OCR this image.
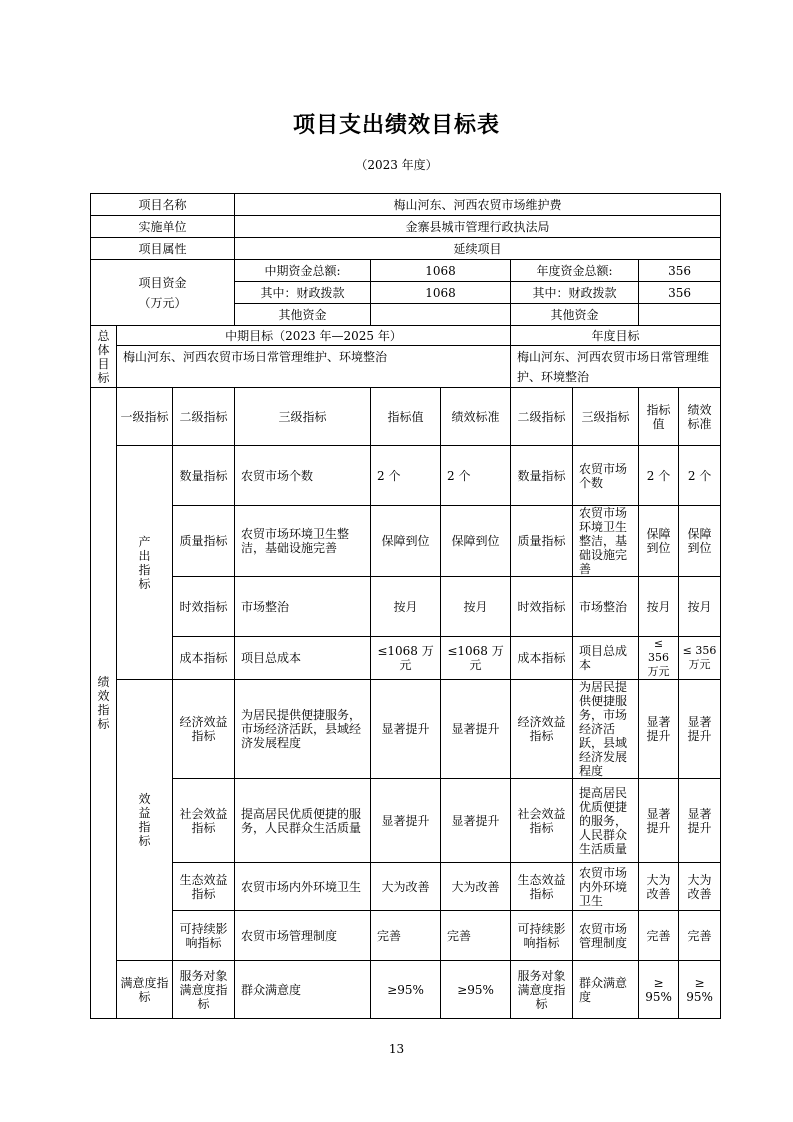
项目支出绩效目标表
（2023 年度）
项目名称			梅山河东、河西农贸市场维护费						
实施单位			金寨县城市管理行政执法局						
项目属性			延续项目						

项目资金
（万元）			中期资金总额:	1068		年度资金总额:		356	
			其中：财政拨款	1068		其中：财政拨款		356	
			其他资金			其他资金			

总体目标	中期目标（2023 年—2025 年）					年度目标			
	梅山河东、河西农贸市场日常管理维护、环境整治					梅山河东、河西农贸市场日常管理维护、环境整治			

绩效指标	一级指标	二级指标	三级指标	指标值	绩效标准	二级指标	三级指标	指标值	绩效标准

	产出指标	数量指标	农贸市场个数	2 个	2 个	数量指标	农贸市场个数	2 个	2 个
		质量指标	农贸市场环境卫生整洁，基础设施完善	保障到位	保障到位	质量指标	农贸市场环境卫生整洁，基础设施完善	保障到位	保障到位
		时效指标	市场整治	按月	按月	时效指标	市场整治	按月	按月
		成本指标	项目总成本	≤1068 万元	≤1068 万元	成本指标	项目总成本	≤ 356 万元	≤ 356 万元

	效益指标	经济效益指标	为居民提供便捷服务，市场经济活跃，县域经济发展程度	显著提升	显著提升	经济效益指标	为居民提供便捷服务，市场经济活跃，县域经济发展程度	显著提升	显著提升
		社会效益指标	提高居民优质便捷的服务，人民群众生活质量	显著提升	显著提升	社会效益指标	提高居民优质便捷的服务，人民群众生活质量	显著提升	显著提升
		生态效益指标	农贸市场内外环境卫生	大为改善	大为改善	生态效益指标	农贸市场内外环境卫生	大为改善	大为改善
		可持续影响指标	农贸市场管理制度	完善	完善	可持续影响指标	农贸市场管理制度	完善	完善
	满意度指标	服务对象满意度指标	群众满意度	≥95%	≥95%	服务对象满意度指标	群众满意度	≥ 95%	≥ 95%
13
